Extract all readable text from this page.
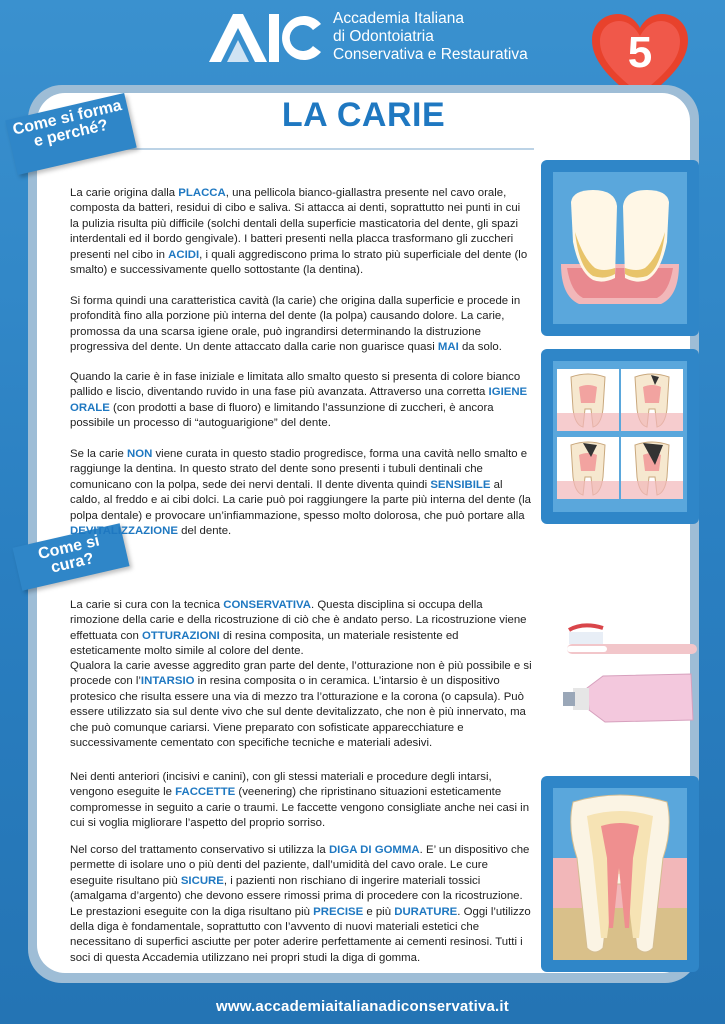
Accademia Italiana
di Odontoiatria
Conservativa e Restaurativa	5
LA CARIE
Come si forma e perché?
Come si cura?

La carie origina dalla PLACCA, una pellicola bianco-giallastra presente nel cavo orale, composta da batteri, residui di cibo e saliva. Si attacca ai denti, soprattutto nei punti in cui la pulizia risulta più difficile (solchi dentali della superficie masticatoria del dente, gli spazi interdentali ed il bordo gengivale). I batteri presenti nella placca trasformano gli zuccheri presenti nel cibo in ACIDI, i quali aggrediscono prima lo strato più superficiale del dente (lo smalto) e successivamente quello sottostante (la dentina).

Si forma quindi una caratteristica cavità (la carie) che origina dalla superficie e procede in profondità fino alla porzione più interna del dente (la polpa) causando dolore. La carie, promossa da una scarsa igiene orale, può ingrandirsi determinando la distruzione progressiva del dente. Un dente attaccato dalla carie non guarisce quasi MAI da solo.

Quando la carie è in fase iniziale e limitata allo smalto questo si presenta di colore bianco pallido e liscio, diventando ruvido in una fase più avanzata. Attraverso una corretta IGIENE ORALE (con prodotti a base di fluoro) e limitando l’assunzione di zuccheri, è ancora possibile un processo di “autoguarigione” del dente.

Se la carie NON viene curata in questo stadio progredisce, forma una cavità nello smalto e raggiunge la dentina. In questo strato del dente sono presenti i tubuli dentinali che comunicano con la polpa, sede dei nervi dentali. Il dente diventa quindi SENSIBILE al caldo, al freddo e ai cibi dolci. La carie può poi raggiungere la parte più interna del dente (la polpa dentale) e provocare un’infiammazione, spesso molto dolorosa, che può portare alla DEVITALIZZAZIONE del dente.

La carie si cura con la tecnica CONSERVATIVA. Questa disciplina si occupa della rimozione della carie e della ricostruzione di ciò che è andato perso. La ricostruzione viene effettuata con OTTURAZIONI di resina composita, un materiale resistente ed esteticamente molto simile al colore del dente.

Qualora la carie avesse aggredito gran parte del dente, l’otturazione non è più possibile e si procede con l’INTARSIO in resina composita o in ceramica. L’intarsio è un dispositivo protesico che risulta essere una via di mezzo tra l’otturazione e la corona (o capsula). Può essere utilizzato sia sul dente vivo che sul dente devitalizzato, che non è più innervato, ma che può comunque cariarsi. Viene preparato con sofisticate apparecchiature e successivamente cementato con specifiche tecniche e materiali adesivi.

Nei denti anteriori (incisivi e canini), con gli stessi materiali e procedure degli intarsi, vengono eseguite le FACCETTE (veenering) che ripristinano situazioni esteticamente compromesse in seguito a carie o traumi. Le faccette vengono consigliate anche nei casi in cui si voglia migliorare l’aspetto del proprio sorriso.

Nel corso del trattamento conservativo si utilizza la DIGA DI GOMMA. E’ un dispositivo che permette di isolare uno o più denti del paziente, dall’umidità del cavo orale. Le cure eseguite risultano più SICURE, i pazienti non rischiano di ingerire materiali tossici (amalgama d’argento) che devono essere rimossi prima di procedere con la ricostruzione. Le prestazioni eseguite con la diga risultano più PRECISE e più DURATURE. Oggi l’utilizzo della diga è fondamentale, soprattutto con l’avvento di nuovi materiali estetici che necessitano di superfici asciutte per poter aderire perfettamente ai cementi resinosi. Tutti i soci di questa Accademia utilizzano nei propri studi la diga di gomma.

www.accademiaitalianadiconservativa.it
